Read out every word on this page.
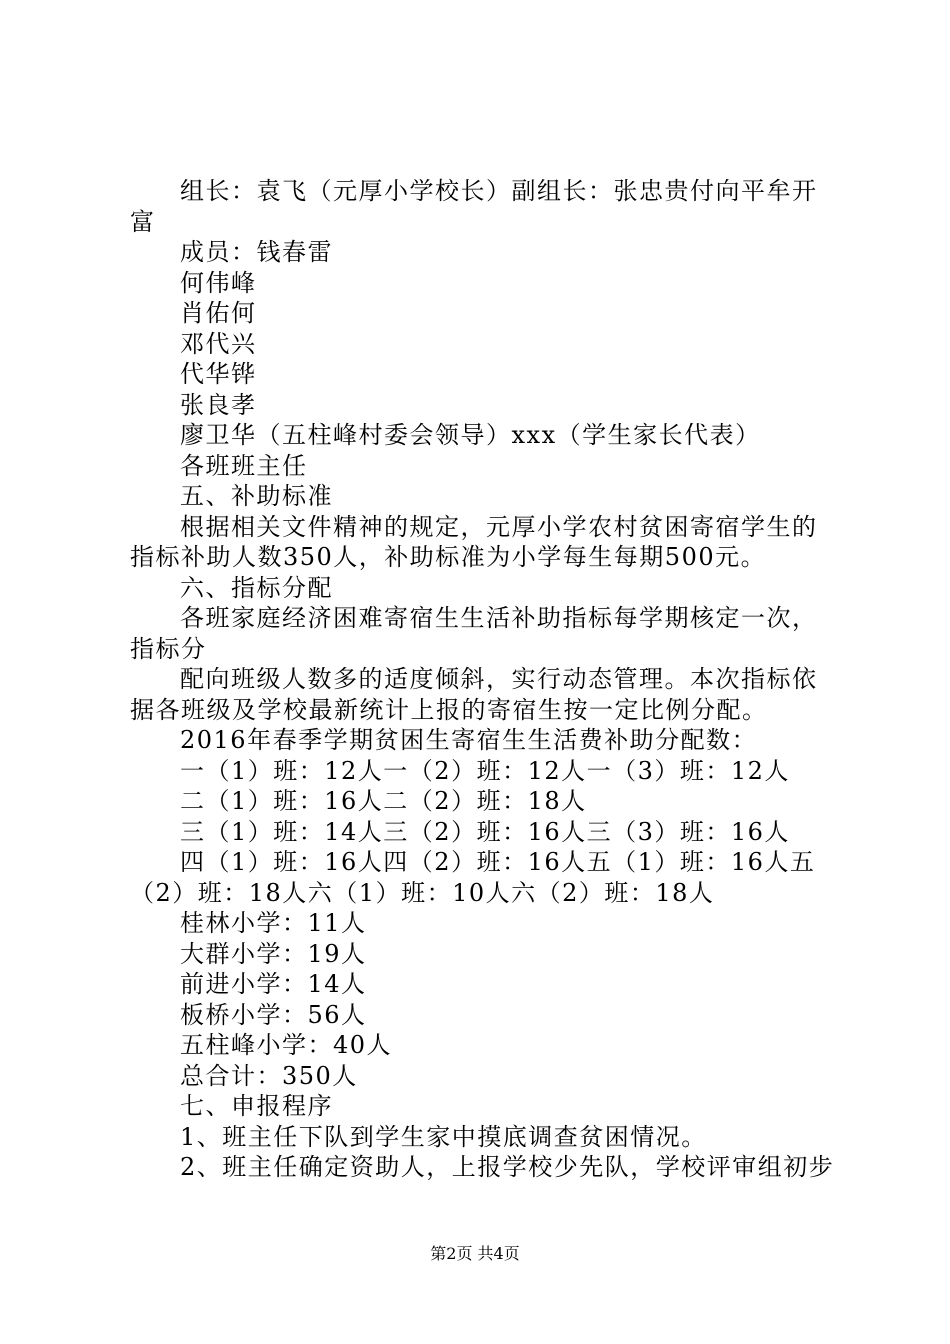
组长：袁飞（元厚小学校长）副组长：张忠贵付向平牟开
富
成员：钱春雷
何伟峰
肖佑何
邓代兴
代华铧
张良孝
廖卫华（五柱峰村委会领导）xxx（学生家长代表）
各班班主任
五、补助标准
根据相关文件精神的规定，元厚小学农村贫困寄宿学生的
指标补助人数350人，补助标准为小学每生每期500元。
六、指标分配
各班家庭经济困难寄宿生生活补助指标每学期核定一次，
指标分
配向班级人数多的适度倾斜，实行动态管理。本次指标依
据各班级及学校最新统计上报的寄宿生按一定比例分配。
2016年春季学期贫困生寄宿生生活费补助分配数：
一（1）班：12人一（2）班：12人一（3）班：12人
二（1）班：16人二（2）班：18人
三（1）班：14人三（2）班：16人三（3）班：16人
四（1）班：16人四（2）班：16人五（1）班：16人五
（2）班：18人六（1）班：10人六（2）班：18人
桂林小学：11人
大群小学：19人
前进小学：14人
板桥小学：56人
五柱峰小学：40人
总合计：350人
七、申报程序
1、班主任下队到学生家中摸底调查贫困情况。
2、班主任确定资助人，上报学校少先队，学校评审组初步
第2页 共4页
